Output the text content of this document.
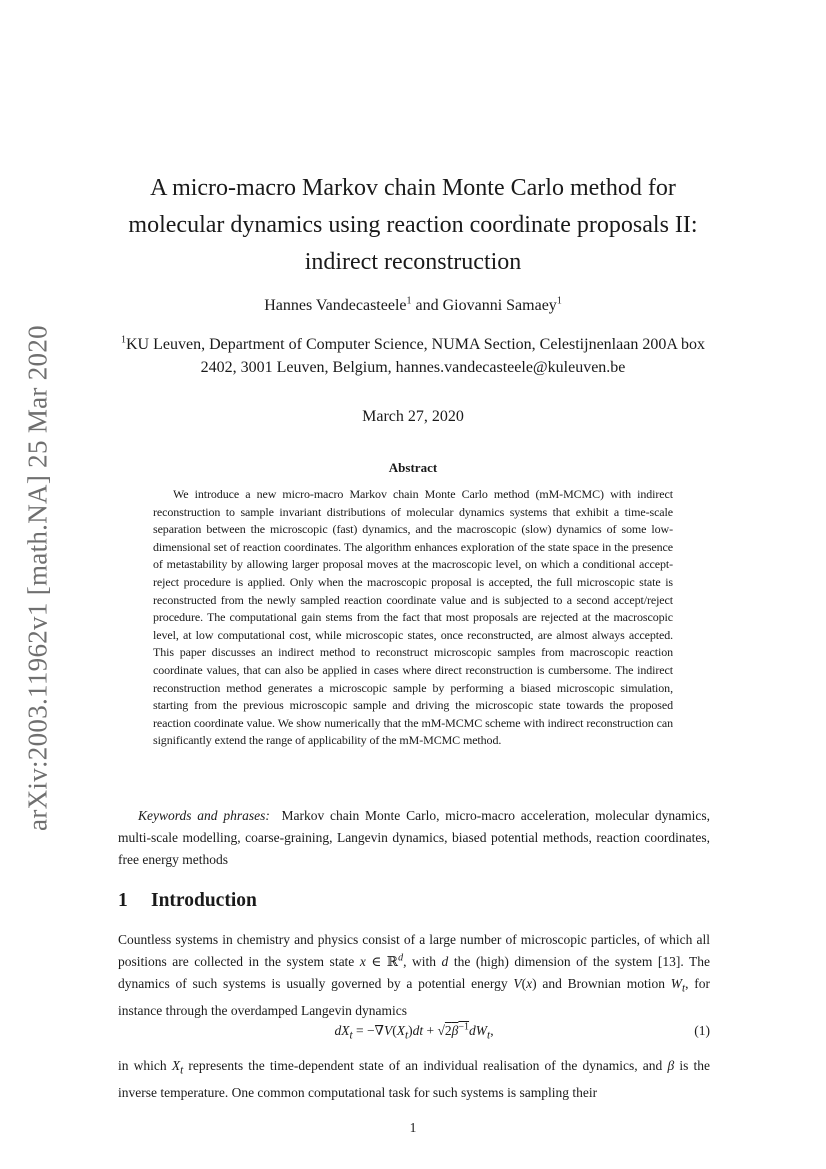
arXiv:2003.11962v1 [math.NA] 25 Mar 2020
A micro-macro Markov chain Monte Carlo method for molecular dynamics using reaction coordinate proposals II: indirect reconstruction
Hannes Vandecasteele$^1$ and Giovanni Samaey$^1$
$^1$KU Leuven, Department of Computer Science, NUMA Section, Celestijnenlaan 200A box 2402, 3001 Leuven, Belgium, hannes.vandecasteele@kuleuven.be
March 27, 2020
Abstract

We introduce a new micro-macro Markov chain Monte Carlo method (mM-MCMC) with indirect reconstruction to sample invariant distributions of molecular dynamics systems that exhibit a time-scale separation between the microscopic (fast) dynamics, and the macroscopic (slow) dynamics of some low-dimensional set of reaction coordinates. The algorithm enhances exploration of the state space in the presence of metastability by allowing larger proposal moves at the macroscopic level, on which a conditional accept-reject procedure is applied. Only when the macroscopic proposal is accepted, the full microscopic state is reconstructed from the newly sampled reaction coordinate value and is subjected to a second accept/reject procedure. The computational gain stems from the fact that most proposals are rejected at the macroscopic level, at low computational cost, while microscopic states, once reconstructed, are almost always accepted. This paper discusses an indirect method to reconstruct microscopic samples from macroscopic reaction coordinate values, that can also be applied in cases where direct reconstruction is cumbersome. The indirect reconstruction method generates a microscopic sample by performing a biased microscopic simulation, starting from the previous microscopic sample and driving the microscopic state towards the proposed reaction coordinate value. We show numerically that the mM-MCMC scheme with indirect reconstruction can significantly extend the range of applicability of the mM-MCMC method.

Keywords and phrases: Markov chain Monte Carlo, micro-macro acceleration, molecular dynamics, multi-scale modelling, coarse-graining, Langevin dynamics, biased potential methods, reaction coordinates, free energy methods

1 Introduction

Countless systems in chemistry and physics consist of a large number of microscopic particles, of which all positions are collected in the system state x ∈ ℝ$^d$, with d the (high) dimension of the system [13]. The dynamics of such systems is usually governed by a potential energy V(x) and Brownian motion $W_t$, for instance through the overdamped Langevin dynamics

$dX_t = -\nabla V(X_t)dt + √2\beta^{-1}dW_t$,	(1)

in which $X_t$ represents the time-dependent state of an individual realisation of the dynamics, and β is the inverse temperature. One common computational task for such systems is sampling their

1
